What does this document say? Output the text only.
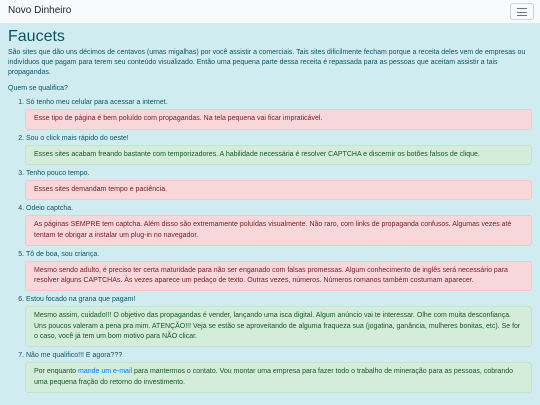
Novo Dinheiro
Faucets

São sites que dão uns décimos de centavos (umas migalhas) por você assistir a comerciais. Tais sites dificilmente fecham porque a receita deles vem de empresas ou indivíduos que pagam para terem seu conteúdo visualizado. Então uma pequena parte dessa receita é repassada para as pessoas que aceitam assistir a tais propagandas.

Quem se qualifica?

1. Só tenho meu celular para acessar a internet.
Esse tipo de página é bem poluído com propagandas. Na tela pequena vai ficar impraticável.
2. Sou o click mais rápido do oeste!
Esses sites acabam freando bastante com temporizadores. A habilidade necessária é resolver CAPTCHA e discernir os botões falsos de clique.
3. Tenho pouco tempo.
Esses sites demandam tempo e paciência.
4. Odeio captcha.
As páginas SEMPRE tem captcha. Além disso são extremamente poluídas visualmente. Não raro, com links de propaganda confusos. Algumas vezes até tentam te obrigar a instalar um plug-in no navegador.
5. Tô de boa, sou criança.
Mesmo sendo adulto, é preciso ter certa maturidade para não ser enganado com falsas promessas. Algum conhecimento de inglês será necessário para resolver alguns CAPTCHAs. Às vezes aparece um pedaço de texto. Outras vezes, números. Números romanos também costumam aparecer.
6. Estou focado na grana que pagam!
Mesmo assim, cuidado!!! O objetivo das propagandas é vender, lançando uma isca digital. Algum anúncio vai te interessar. Olhe com muita desconfiança. Uns poucos valeram a pena pra mim. ATENÇÃO!!! Veja se estão se aproveitando de alguma fraqueza sua (jogatina, ganância, mulheres bonitas, etc). Se for o caso, você já tem um bom motivo para NÃO clicar.
7. Não me qualifico!!! E agora???
Por enquanto mande um e-mail para mantermos o contato. Vou montar uma empresa para fazer todo o trabalho de mineração para as pessoas, cobrando uma pequena fração do retorno do investimento.
